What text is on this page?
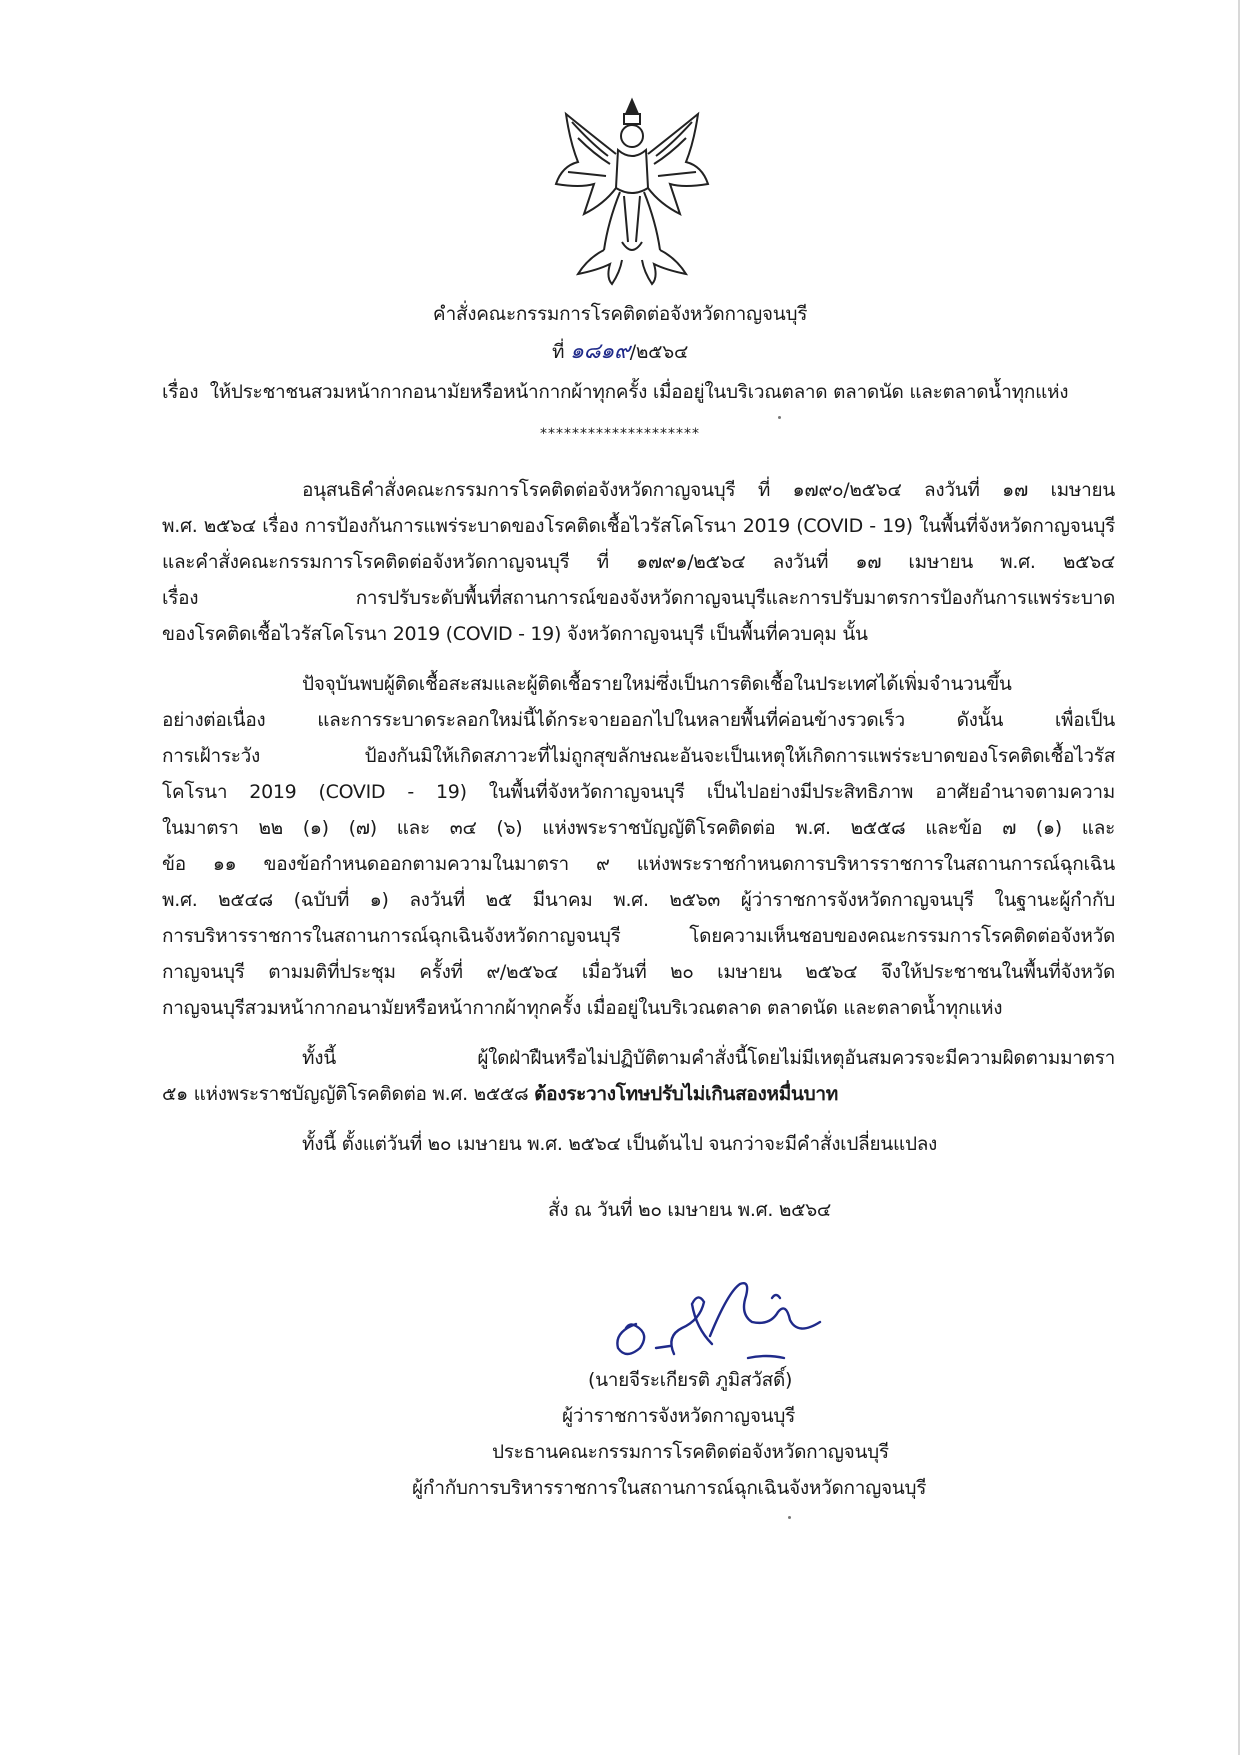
คำสั่งคณะกรรมการโรคติดต่อจังหวัดกาญจนบุรี
ที่ ๑๘๑๙/๒๕๖๔
เรื่อง ให้ประชาชนสวมหน้ากากอนามัยหรือหน้ากากผ้าทุกครั้ง เมื่ออยู่ในบริเวณตลาด ตลาดนัด และตลาดน้ำทุกแห่ง
********************
อนุสนธิคำสั่งคณะกรรมการโรคติดต่อจังหวัดกาญจนบุรี ที่ ๑๗๙๐/๒๕๖๔ ลงวันที่ ๑๗ เมษายน
พ.ศ. ๒๕๖๔ เรื่อง การป้องกันการแพร่ระบาดของโรคติดเชื้อไวรัสโคโรนา 2019 (COVID - 19) ในพื้นที่จังหวัดกาญจนบุรี
และคำสั่งคณะกรรมการโรคติดต่อจังหวัดกาญจนบุรี ที่ ๑๗๙๑/๒๕๖๔ ลงวันที่ ๑๗ เมษายน พ.ศ. ๒๕๖๔
เรื่อง การปรับระดับพื้นที่สถานการณ์ของจังหวัดกาญจนบุรีและการปรับมาตรการป้องกันการแพร่ระบาด
ของโรคติดเชื้อไวรัสโคโรนา 2019 (COVID - 19) จังหวัดกาญจนบุรี เป็นพื้นที่ควบคุม นั้น
ปัจจุบันพบผู้ติดเชื้อสะสมและผู้ติดเชื้อรายใหม่ซึ่งเป็นการติดเชื้อในประเทศได้เพิ่มจำนวนขึ้น
อย่างต่อเนื่อง และการระบาดระลอกใหม่นี้ได้กระจายออกไปในหลายพื้นที่ค่อนข้างรวดเร็ว ดังนั้น เพื่อเป็น
การเฝ้าระวัง ป้องกันมิให้เกิดสภาวะที่ไม่ถูกสุขลักษณะอันจะเป็นเหตุให้เกิดการแพร่ระบาดของโรคติดเชื้อไวรัส
โคโรนา 2019 (COVID - 19) ในพื้นที่จังหวัดกาญจนบุรี เป็นไปอย่างมีประสิทธิภาพ อาศัยอำนาจตามความ
ในมาตรา ๒๒ (๑) (๗) และ ๓๔ (๖) แห่งพระราชบัญญัติโรคติดต่อ พ.ศ. ๒๕๕๘ และข้อ ๗ (๑) และ
ข้อ ๑๑ ของข้อกำหนดออกตามความในมาตรา ๙ แห่งพระราชกำหนดการบริหารราชการในสถานการณ์ฉุกเฉิน
พ.ศ. ๒๕๔๘ (ฉบับที่ ๑) ลงวันที่ ๒๕ มีนาคม พ.ศ. ๒๕๖๓ ผู้ว่าราชการจังหวัดกาญจนบุรี ในฐานะผู้กำกับ
การบริหารราชการในสถานการณ์ฉุกเฉินจังหวัดกาญจนบุรี โดยความเห็นชอบของคณะกรรมการโรคติดต่อจังหวัด
กาญจนบุรี ตามมติที่ประชุม ครั้งที่ ๙/๒๕๖๔ เมื่อวันที่ ๒๐ เมษายน ๒๕๖๔ จึงให้ประชาชนในพื้นที่จังหวัด
กาญจนบุรีสวมหน้ากากอนามัยหรือหน้ากากผ้าทุกครั้ง เมื่ออยู่ในบริเวณตลาด ตลาดนัด และตลาดน้ำทุกแห่ง
ทั้งนี้ ผู้ใดฝ่าฝืนหรือไม่ปฏิบัติตามคำสั่งนี้โดยไม่มีเหตุอันสมควรจะมีความผิดตามมาตรา
๕๑ แห่งพระราชบัญญัติโรคติดต่อ พ.ศ. ๒๕๕๘ ต้องระวางโทษปรับไม่เกินสองหมื่นบาท
ทั้งนี้ ตั้งแต่วันที่ ๒๐ เมษายน พ.ศ. ๒๕๖๔ เป็นต้นไป จนกว่าจะมีคำสั่งเปลี่ยนแปลง
สั่ง ณ วันที่ ๒๐ เมษายน พ.ศ. ๒๕๖๔
(นายจีระเกียรติ ภูมิสวัสดิ์)
ผู้ว่าราชการจังหวัดกาญจนบุรี
ประธานคณะกรรมการโรคติดต่อจังหวัดกาญจนบุรี
ผู้กำกับการบริหารราชการในสถานการณ์ฉุกเฉินจังหวัดกาญจนบุรี
